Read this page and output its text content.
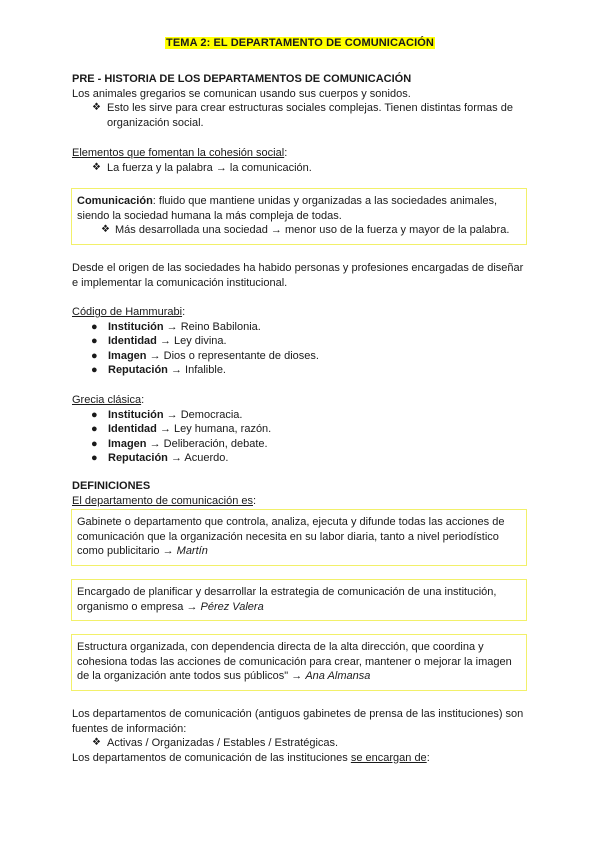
TEMA 2: EL DEPARTAMENTO DE COMUNICACIÓN
PRE - HISTORIA DE LOS DEPARTAMENTOS DE COMUNICACIÓN
Los animales gregarios se comunican usando sus cuerpos y sonidos.
❖ Esto les sirve para crear estructuras sociales complejas. Tienen distintas formas de organización social.
Elementos que fomentan la cohesión social:
❖ La fuerza y la palabra → la comunicación.
Comunicación: fluido que mantiene unidas y organizadas a las sociedades animales, siendo la sociedad humana la más compleja de todas.
❖ Más desarrollada una sociedad → menor uso de la fuerza y mayor de la palabra.
Desde el origen de las sociedades ha habido personas y profesiones encargadas de diseñar e implementar la comunicación institucional.
Código de Hammurabi:
● Institución → Reino Babilonia.
● Identidad → Ley divina.
● Imagen → Dios o representante de dioses.
● Reputación → Infalible.
Grecia clásica:
● Institución → Democracia.
● Identidad → Ley humana, razón.
● Imagen → Deliberación, debate.
● Reputación → Acuerdo.
DEFINICIONES
El departamento de comunicación es:
Gabinete o departamento que controla, analiza, ejecuta y difunde todas las acciones de comunicación que la organización necesita en su labor diaria, tanto a nivel periodístico como publicitario → Martín
Encargado de planificar y desarrollar la estrategia de comunicación de una institución, organismo o empresa → Pérez Valera
Estructura organizada, con dependencia directa de la alta dirección, que coordina y cohesiona todas las acciones de comunicación para crear, mantener o mejorar la imagen de la organización ante todos sus públicos" → Ana Almansa
Los departamentos de comunicación (antiguos gabinetes de prensa de las instituciones) son fuentes de información:
❖ Activas / Organizadas / Estables / Estratégicas.
Los departamentos de comunicación de las instituciones se encargan de:
